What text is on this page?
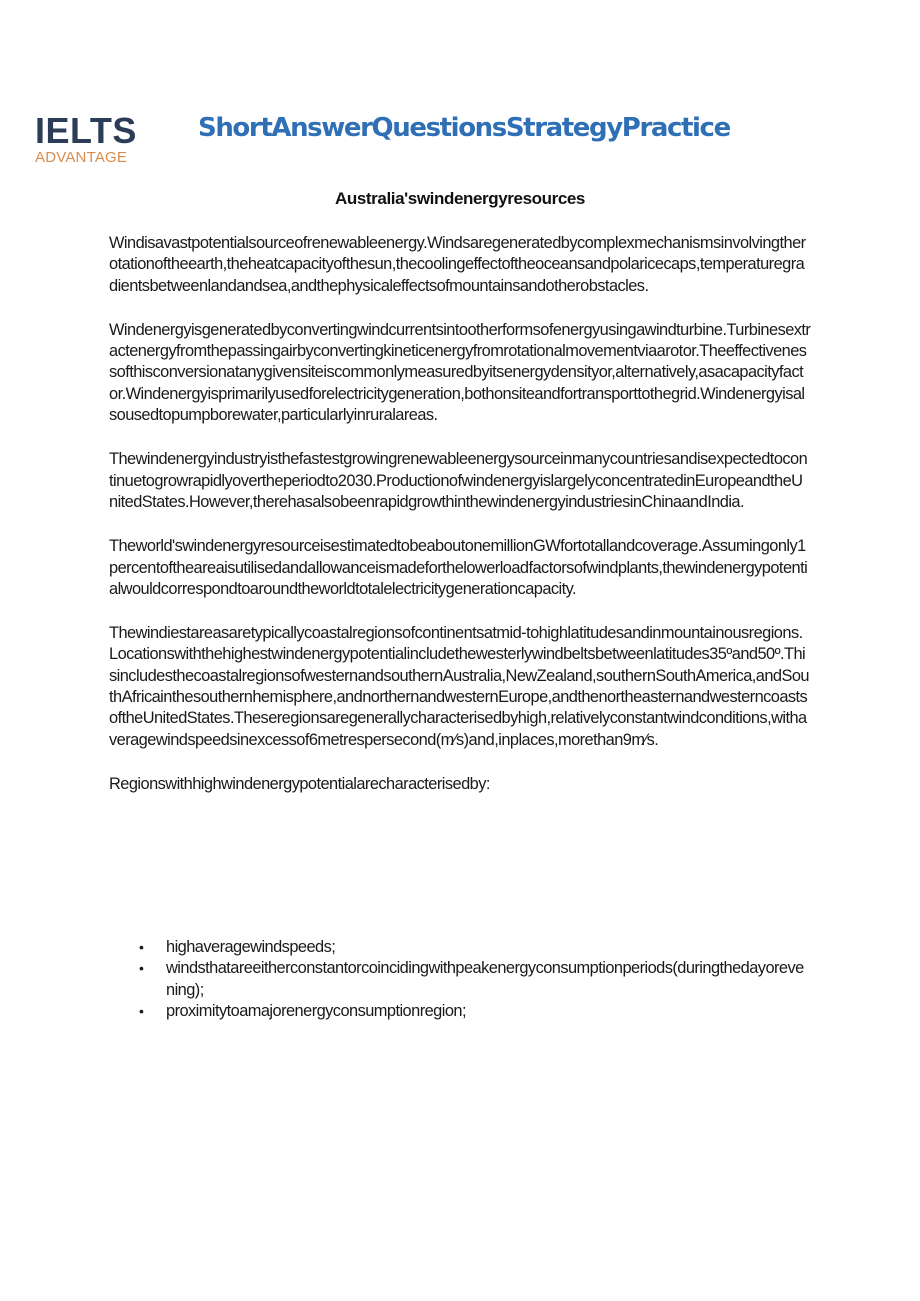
IELTS
ADVANTAGE
ShortAnswerQuestionsStrategyPractice
Australia'swindenergyresources

Windisavastpotentialsourceofrenewableenergy.Windsaregeneratedbycomplexmechanismsinvolvingtherotationoftheearth,theheatcapacityofthesun,thecoolingeffectoftheoceansandpolaricecaps,temperaturegradientsbetweenlandandsea,andthephysicaleffectsofmountainsandotherobstacles.

Windenergyisgeneratedbyconvertingwindcurrentsintootherformsofenergyusingawindturbine.Turbinesextractenergyfromthepassingairbyconvertingkineticenergyfromrotationalmovementviaarotor.Theeffectivenessofthisconversionatanygivensiteiscommonlymeasuredbyitsenergydensityor,alternatively,asacapacityfactor.Windenergyisprimarilyusedforelectricitygeneration,bothonsiteandfortransporttothegrid.Windenergyisalsousedtopumpborewater,particularlyinruralareas.

Thewindenergyindustryisthefastestgrowingrenewableenergysourceinmanycountriesandisexpectedtocontinuetogrowrapidlyovertheperiodto2030.ProductionofwindenergyislargelyconcentratedinEuropeandtheUnitedStates.However,therehasalsobeenrapidgrowthinthewindenergyindustriesinChinaandIndia.

Theworld'swindenergyresourceisestimatedtobeaboutonemillionGWfortotallandcoverage.Assumingonly1percentoftheareaisutilisedandallowanceismadeforthelowerloadfactorsofwindplants,thewindenergypotentialwouldcorrespondtoaroundtheworldtotalelectricitygenerationcapacity.

Thewindiestareasaretypicallycoastalregionsofcontinentsatmid-tohighlatitudesandinmountainousregions.Locationswiththehighestwindenergypotentialincludethewesterlywindbeltsbetweenlatitudes35ºand50º.ThisincludesthecoastalregionsofwesternandsouthernAustralia,NewZealand,southernSouthAmerica,andSouthAfricainthesouthernhemisphere,andnorthernandwesternEurope,andthenortheasternandwesterncoastsoftheUnitedStates.Theseregionsaregenerallycharacterisedbyhigh,relativelyconstantwindconditions,withaveragewindspeedsinexcessof6metrespersecond(m⁄s)and,inplaces,morethan9m⁄s.

Regionswithhighwindenergypotentialarecharacterisedby:

• highaveragewindspeeds;
• windsthatareeitherconstantorcoincidingwithpeakenergyconsumptionperiods(duringthedayorevening);
• proximitytoamajorenergyconsumptionregion;
